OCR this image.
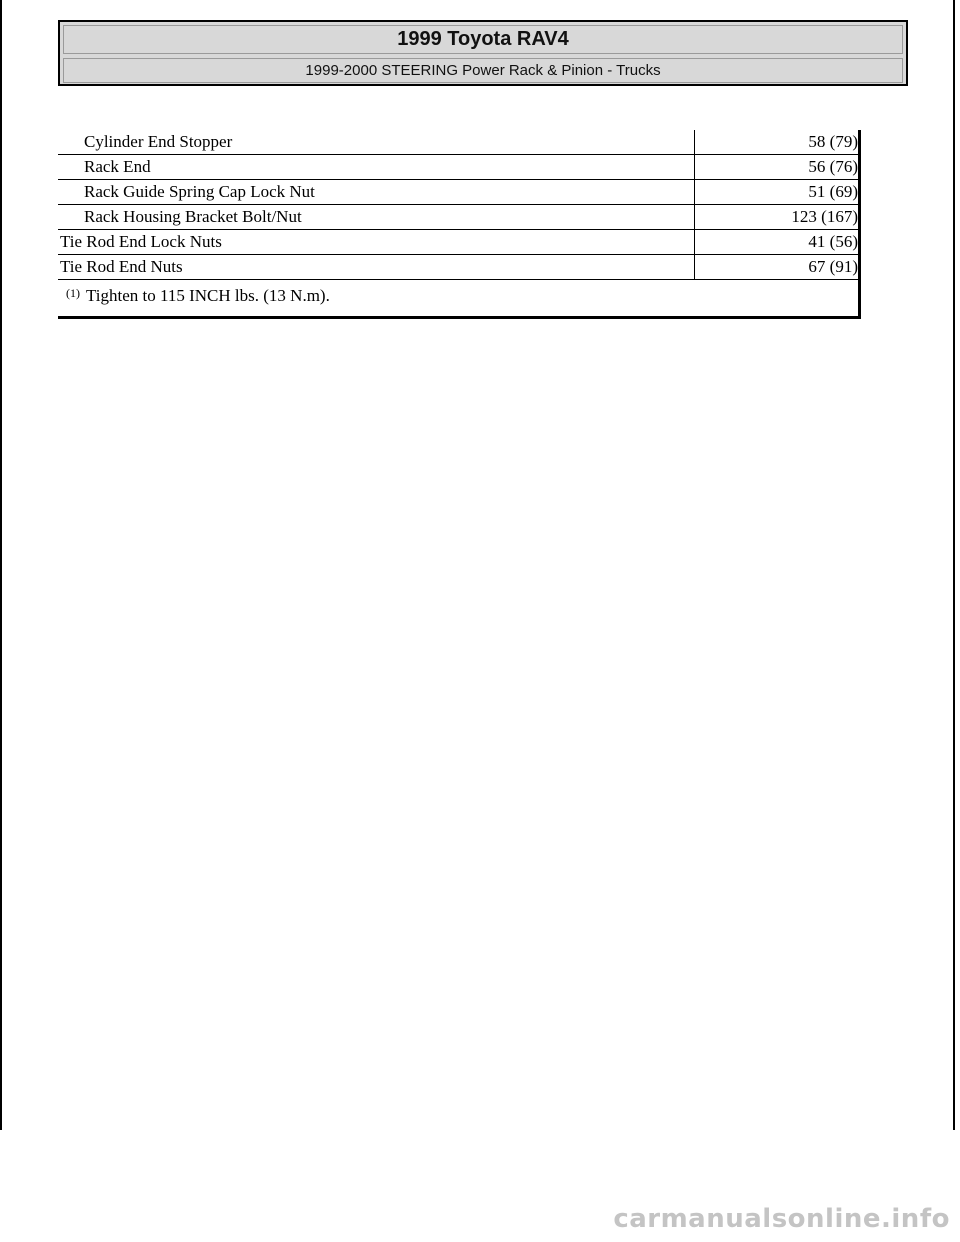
1999 Toyota RAV4
1999-2000 STEERING Power Rack & Pinion - Trucks
Cylinder End Stopper	58 (79)
Rack End	56 (76)
Rack Guide Spring Cap Lock Nut	51 (69)
Rack Housing Bracket Bolt/Nut	123 (167)
Tie Rod End Lock Nuts	41 (56)
Tie Rod End Nuts	67 (91)
$^{(1)}$ Tighten to 115 INCH lbs. (13 N.m).	
carmanualsonline.info
